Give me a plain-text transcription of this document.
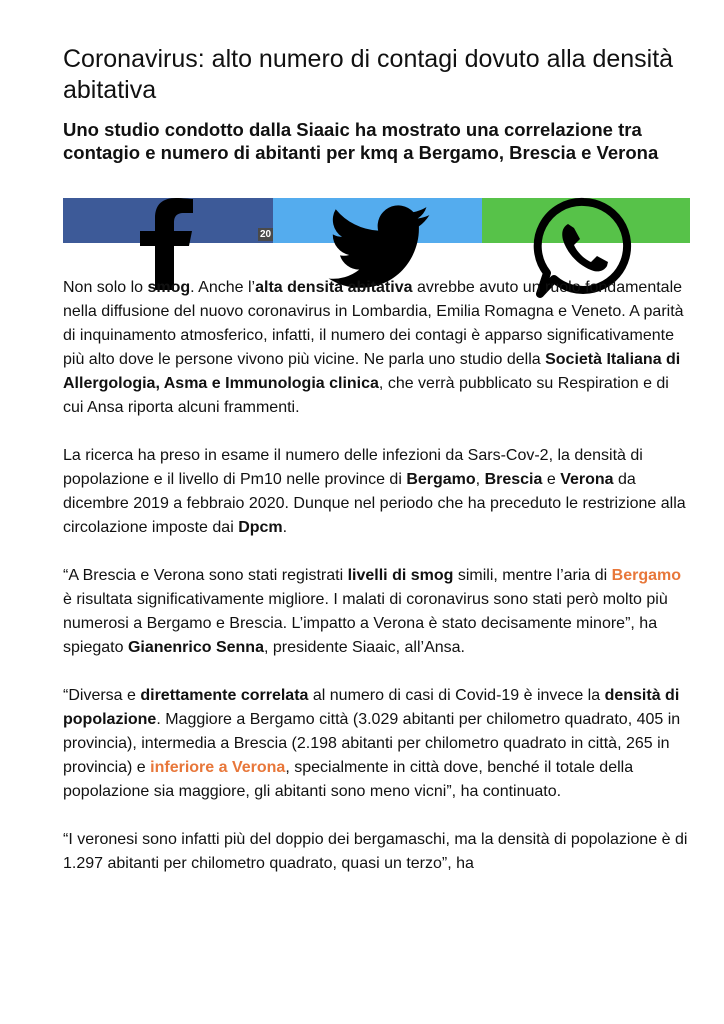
Coronavirus: alto numero di contagi dovuto alla densità abitativa
Uno studio condotto dalla Siaaic ha mostrato una correlazione tra contagio e numero di abitanti per kmq a Bergamo, Brescia e Verona
20

Non solo lo smog. Anche l’alta densità abitativa avrebbe avuto un ruolo fondamentale nella diffusione del nuovo coronavirus in Lombardia, Emilia Romagna e Veneto. A parità di inquinamento atmosferico, infatti, il numero dei contagi è apparso significativamente più alto dove le persone vivono più vicine. Ne parla uno studio della Società Italiana di Allergologia, Asma e Immunologia clinica, che verrà pubblicato su Respiration e di cui Ansa riporta alcuni frammenti.

La ricerca ha preso in esame il numero delle infezioni da Sars-Cov-2, la densità di popolazione e il livello di Pm10 nelle province di Bergamo, Brescia e Verona da dicembre 2019 a febbraio 2020. Dunque nel periodo che ha preceduto le restrizione alla circolazione imposte dai Dpcm.

“A Brescia e Verona sono stati registrati livelli di smog simili, mentre l’aria di Bergamo è risultata significativamente migliore. I malati di coronavirus sono stati però molto più numerosi a Bergamo e Brescia. L’impatto a Verona è stato decisamente minore”, ha spiegato Gianenrico Senna, presidente Siaaic, all’Ansa.

“Diversa e direttamente correlata al numero di casi di Covid-19 è invece la densità di popolazione. Maggiore a Bergamo città (3.029 abitanti per chilometro quadrato, 405 in provincia), intermedia a Brescia (2.198 abitanti per chilometro quadrato in città, 265 in provincia) e inferiore a Verona, specialmente in città dove, benché il totale della popolazione sia maggiore, gli abitanti sono meno vicni”, ha continuato.

“I veronesi sono infatti più del doppio dei bergamaschi, ma la densità di popolazione è di 1.297 abitanti per chilometro quadrato, quasi un terzo”, ha
